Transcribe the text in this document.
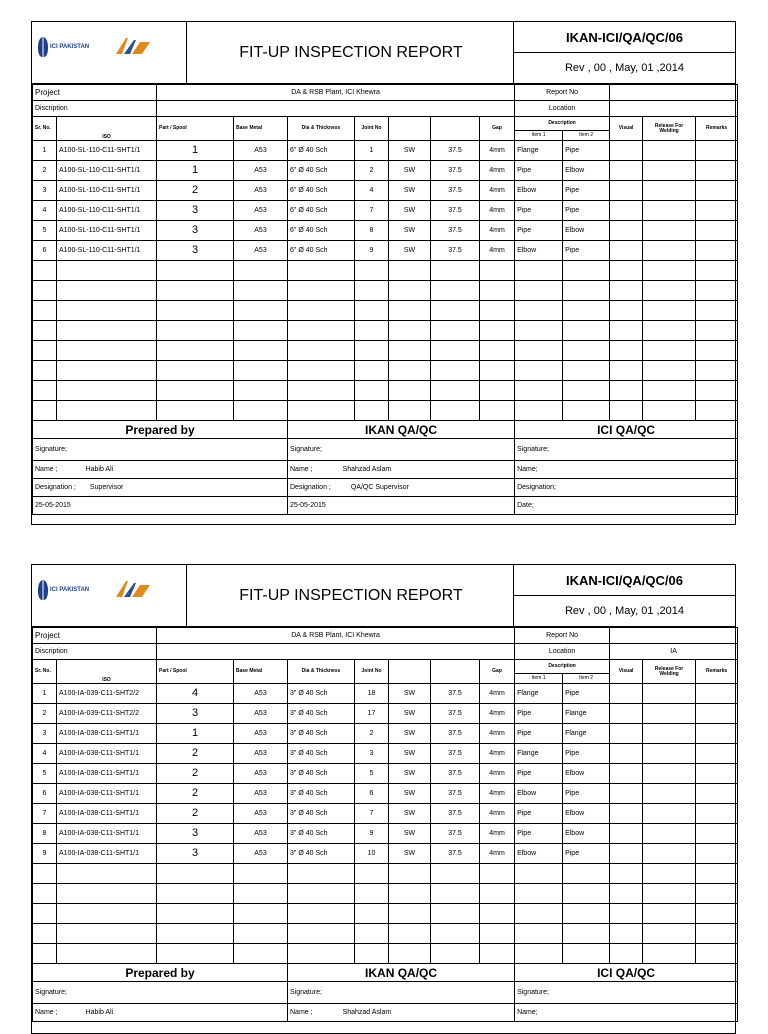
ICI PAKISTAN	FIT-UP INSPECTION REPORT
IKAN-ICI/QA/QC/06
Rev , 00 , May, 01 ,2014
Project		DA & RSB Plant, ICI Khewra							Report No				
Discription									Location				
Sr. No.	ISO	Part / Spool	Base Metal	Dia & Thickness	Joint No			Gap	Description		Visual	Release For Welding	Remarks
									Item 1	Item 2			
1	A100-SL-110-C11-SHT1/1	1	A53	6" Ø 40 Sch	1	SW	37.5	4mm	Flange	Pipe			
2	A100-SL-110-C11-SHT1/1	1	A53	6" Ø 40 Sch	2	SW	37.5	4mm	Pipe	Elbow			
3	A100-SL-110-C11-SHT1/1	2	A53	6" Ø 40 Sch	4	SW	37.5	4mm	Elbow	Pipe			
4	A100-SL-110-C11-SHT1/1	3	A53	6" Ø 40 Sch	7	SW	37.5	4mm	Pipe	Pipe			
5	A100-SL-110-C11-SHT1/1	3	A53	6" Ø 40 Sch	8	SW	37.5	4mm	Pipe	Elbow			
6	A100-SL-110-C11-SHT1/1	3	A53	6" Ø 40 Sch	9	SW	37.5	4mm	Elbow	Pipe			

Prepared by				IKAN QA/QC					ICI QA/QC				
Signature;				Signature;					Signature;				
Name ; Habib Ali				Name ; Shahzad Aslam					Name;				
Designation ; Supervisor				Designation ; QA/QC Supervisor					Designation;				
25-05-2015				25-05-2015					Date;				
ICI PAKISTAN	FIT-UP INSPECTION REPORT
IKAN-ICI/QA/QC/06
Rev , 00 , May, 01 ,2014
Project		DA & RSB Plant, ICI Khewra							Report No				
Discription									Location		IA		
Sr. No.	ISO	Part / Spool	Base Metal	Dia & Thickness	Joint No			Gap	Description		Visual	Release For Welding	Remarks
									Item 1	Item 2			
1	A100-IA-039-C11-SHT2/2	4	A53	3" Ø 40 Sch	18	SW	37.5	4mm	Flange	Pipe			
2	A100-IA-039-C11-SHT2/2	3	A53	3" Ø 40 Sch	17	SW	37.5	4mm	Pipe	Flange			
3	A100-IA-038-C11-SHT1/1	1	A53	3" Ø 40 Sch	2	SW	37.5	4mm	Pipe	Flange			
4	A100-IA-038-C11-SHT1/1	2	A53	3" Ø 40 Sch	3	SW	37.5	4mm	Flange	Pipe			
5	A100-IA-038-C11-SHT1/1	2	A53	3" Ø 40 Sch	5	SW	37.5	4mm	Pipe	Elbow			
6	A100-IA-038-C11-SHT1/1	2	A53	3" Ø 40 Sch	6	SW	37.5	4mm	Elbow	Pipe			
7	A100-IA-038-C11-SHT1/1	2	A53	3" Ø 40 Sch	7	SW	37.5	4mm	Pipe	Elbow			
8	A100-IA-038-C11-SHT1/1	3	A53	3" Ø 40 Sch	9	SW	37.5	4mm	Pipe	Elbow			
9	A100-IA-038-C11-SHT1/1	3	A53	3" Ø 40 Sch	10	SW	37.5	4mm	Elbow	Pipe			

Prepared by				IKAN QA/QC					ICI QA/QC				
Signature;				Signature;					Signature;				
Name ; Habib Ali				Name ; Shahzad Aslam					Name;				
